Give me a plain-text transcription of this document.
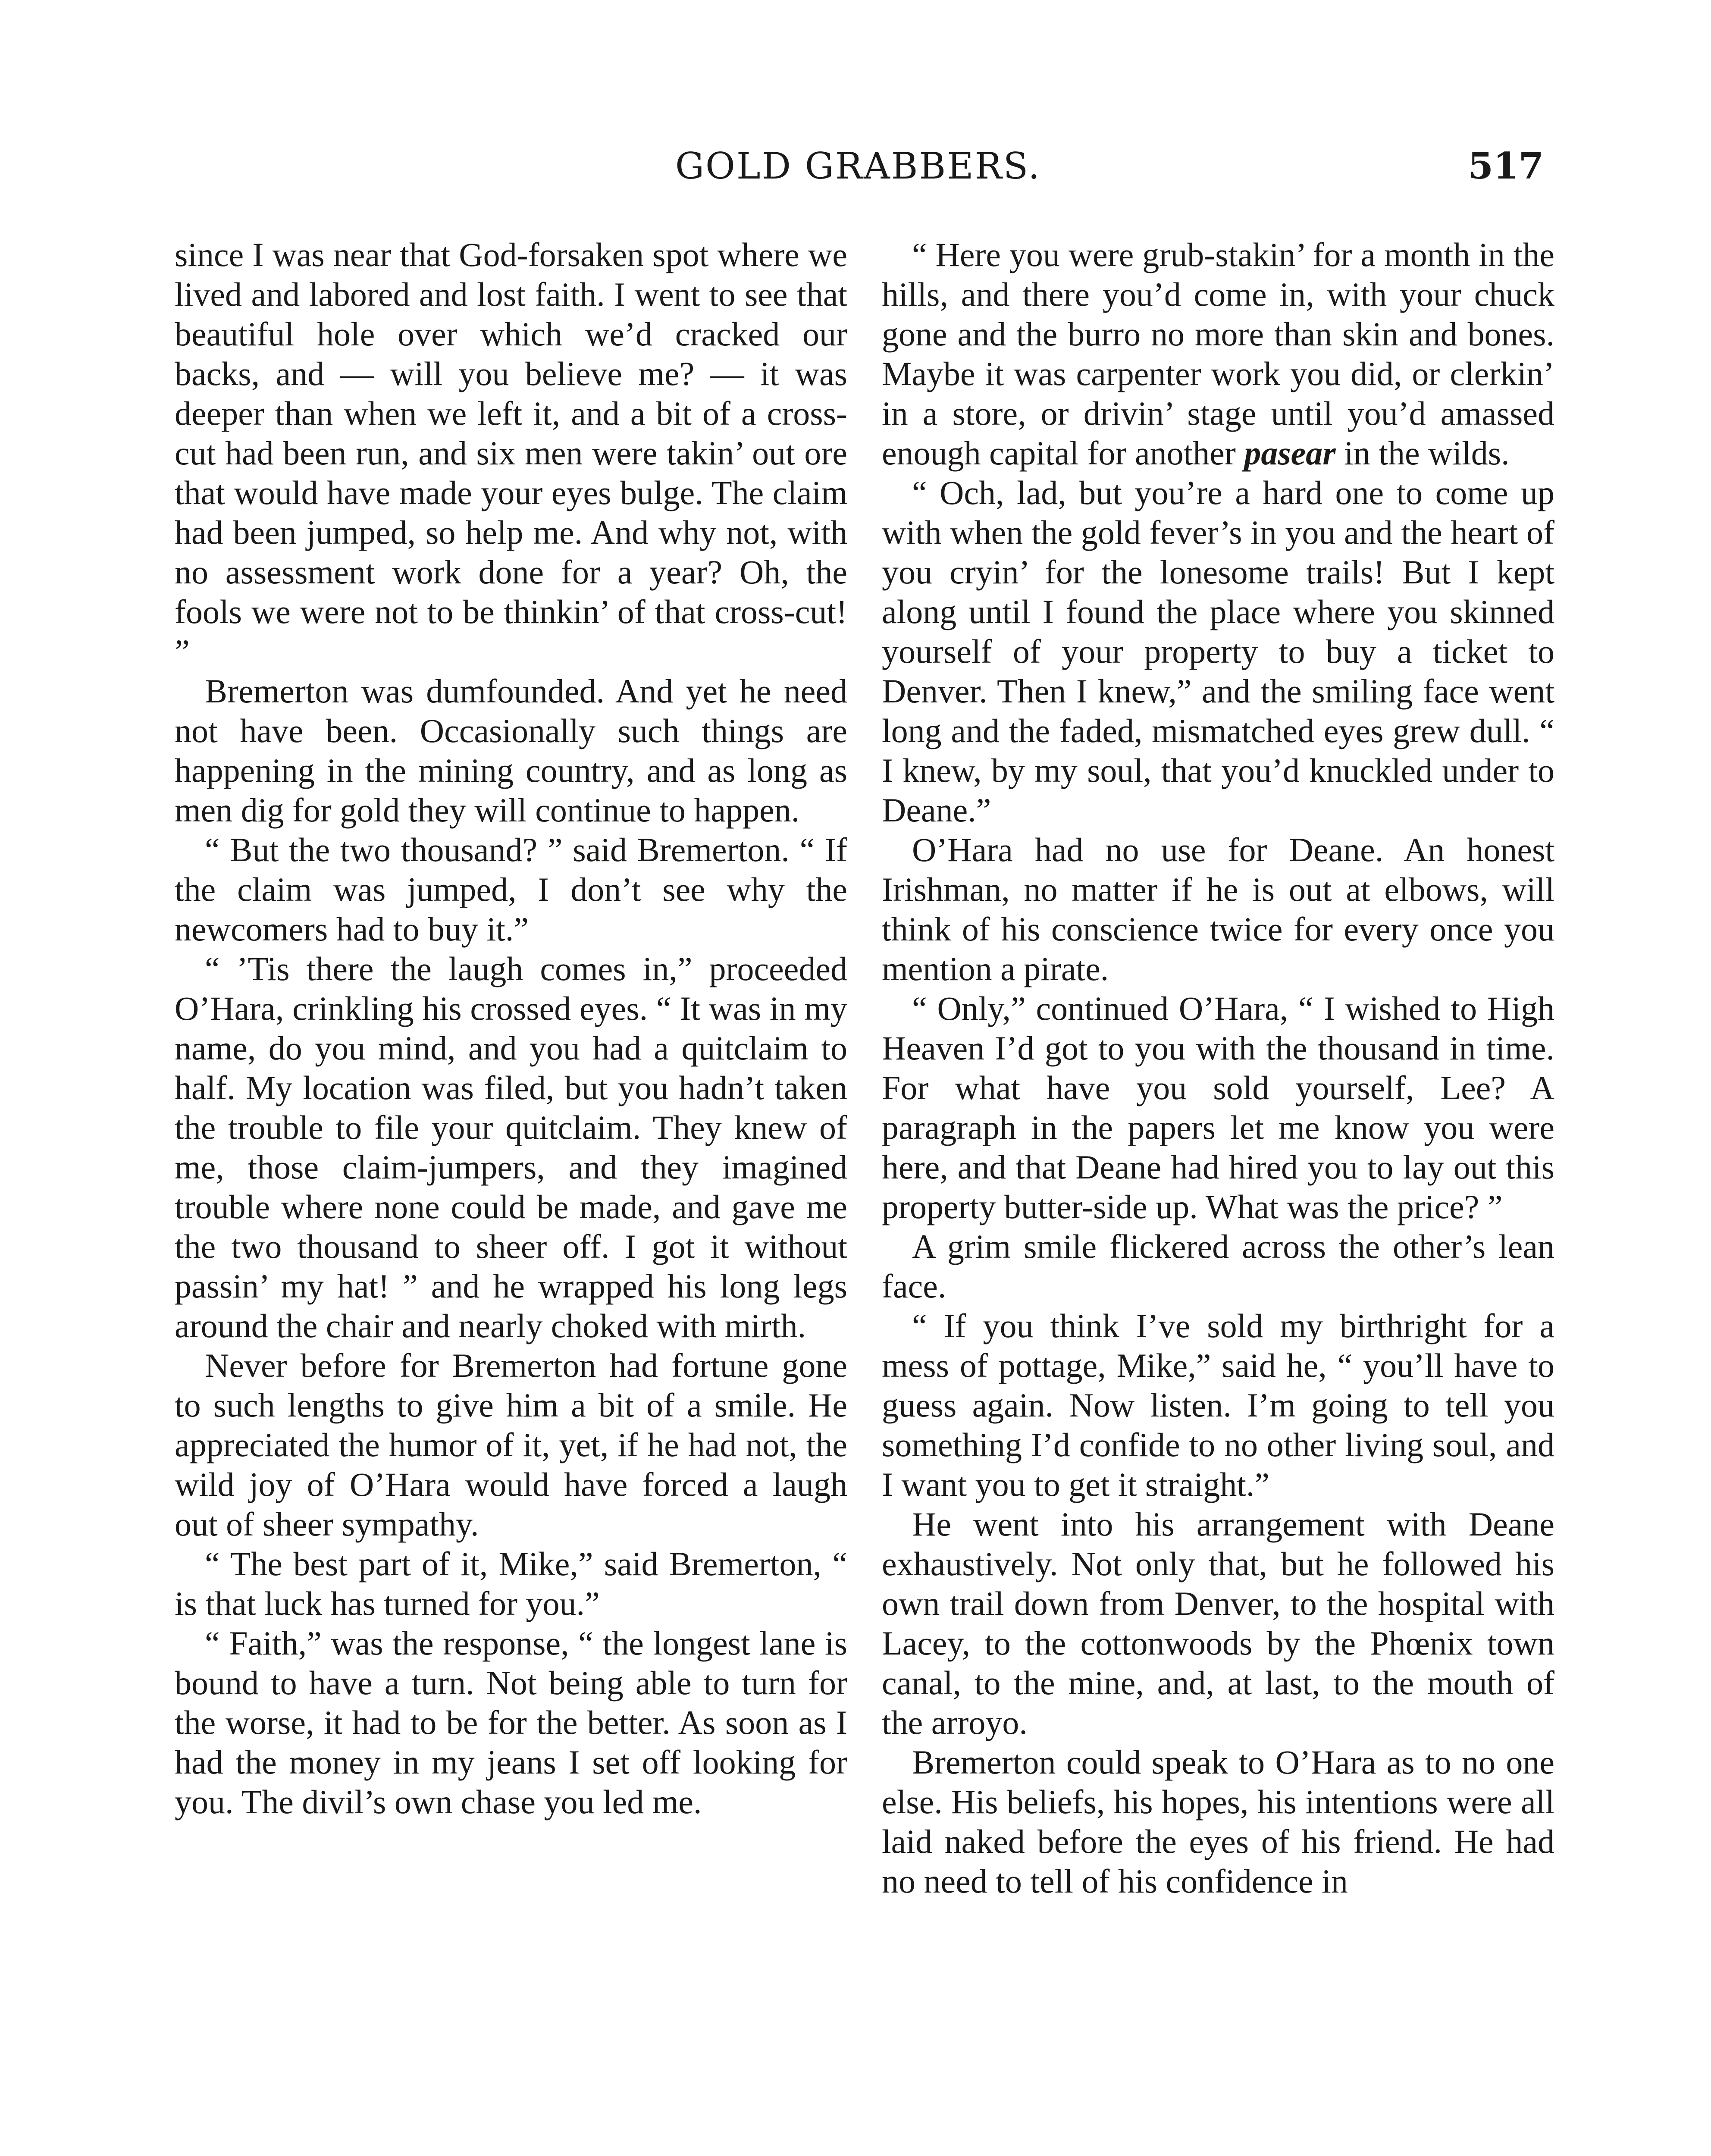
GOLD GRABBERS.	517

since I was near that God-forsaken spot where we lived and labored and lost faith. I went to see that beautiful hole over which we’d cracked our backs, and — will you believe me? — it was deeper than when we left it, and a bit of a cross-cut had been run, and six men were takin’ out ore that would have made your eyes bulge. The claim had been jumped, so help me. And why not, with no assessment work done for a year? Oh, the fools we were not to be thinkin’ of that cross-cut! ”

Bremerton was dumfounded. And yet he need not have been. Occasionally such things are happening in the mining country, and as long as men dig for gold they will continue to happen.

“ But the two thousand? ” said Bremerton. “ If the claim was jumped, I don’t see why the newcomers had to buy it.”

“ ’Tis there the laugh comes in,” proceeded O’Hara, crinkling his crossed eyes. “ It was in my name, do you mind, and you had a quitclaim to half. My location was filed, but you hadn’t taken the trouble to file your quitclaim. They knew of me, those claim-jumpers, and they imagined trouble where none could be made, and gave me the two thousand to sheer off. I got it without passin’ my hat! ” and he wrapped his long legs around the chair and nearly choked with mirth.

Never before for Bremerton had fortune gone to such lengths to give him a bit of a smile. He appreciated the humor of it, yet, if he had not, the wild joy of O’Hara would have forced a laugh out of sheer sympathy.

“ The best part of it, Mike,” said Bremerton, “ is that luck has turned for you.”

“ Faith,” was the response, “ the longest lane is bound to have a turn. Not being able to turn for the worse, it had to be for the better. As soon as I had the money in my jeans I set off looking for you. The divil’s own chase you led me.

“ Here you were grub-stakin’ for a month in the hills, and there you’d come in, with your chuck gone and the burro no more than skin and bones. Maybe it was carpenter work you did, or clerkin’ in a store, or drivin’ stage until you’d amassed enough capital for another pasear in the wilds.

“ Och, lad, but you’re a hard one to come up with when the gold fever’s in you and the heart of you cryin’ for the lonesome trails! But I kept along until I found the place where you skinned yourself of your property to buy a ticket to Denver. Then I knew,” and the smiling face went long and the faded, mismatched eyes grew dull. “ I knew, by my soul, that you’d knuckled under to Deane.”

O’Hara had no use for Deane. An honest Irishman, no matter if he is out at elbows, will think of his conscience twice for every once you mention a pirate.

“ Only,” continued O’Hara, “ I wished to High Heaven I’d got to you with the thousand in time. For what have you sold yourself, Lee? A paragraph in the papers let me know you were here, and that Deane had hired you to lay out this property butter-side up. What was the price? ”

A grim smile flickered across the other’s lean face.

“ If you think I’ve sold my birthright for a mess of pottage, Mike,” said he, “ you’ll have to guess again. Now listen. I’m going to tell you something I’d confide to no other living soul, and I want you to get it straight.”

He went into his arrangement with Deane exhaustively. Not only that, but he followed his own trail down from Denver, to the hospital with Lacey, to the cottonwoods by the Phœnix town canal, to the mine, and, at last, to the mouth of the arroyo.

Bremerton could speak to O’Hara as to no one else. His beliefs, his hopes, his intentions were all laid naked before the eyes of his friend. He had no need to tell of his confidence in
